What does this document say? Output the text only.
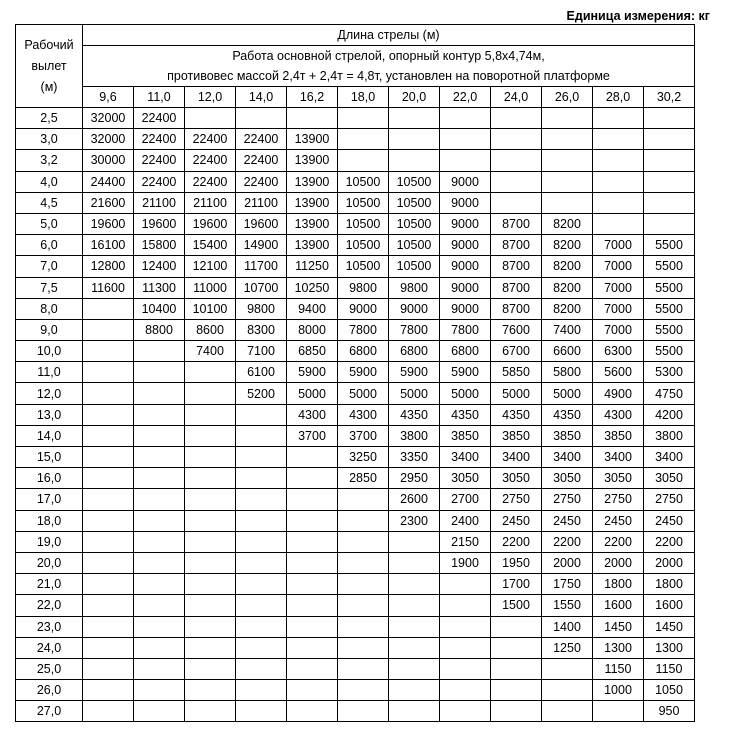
Единица измерения: кг
Рабочий
вылет
(м)	Длина стрелы (м)											

	Работа основной стрелой, опорный контур 5,8х4,74м,
противовес массой 2,4т + 2,4т = 4,8т, установлен на поворотной платформе											

	9,6	11,0	12,0	14,0	16,2	18,0	20,0	22,0	24,0	26,0	28,0	30,2
2,5	32000	22400										
3,0	32000	22400	22400	22400	13900							
3,2	30000	22400	22400	22400	13900							
4,0	24400	22400	22400	22400	13900	10500	10500	9000				
4,5	21600	21100	21100	21100	13900	10500	10500	9000				
5,0	19600	19600	19600	19600	13900	10500	10500	9000	8700	8200		
6,0	16100	15800	15400	14900	13900	10500	10500	9000	8700	8200	7000	5500
7,0	12800	12400	12100	11700	11250	10500	10500	9000	8700	8200	7000	5500
7,5	11600	11300	11000	10700	10250	9800	9800	9000	8700	8200	7000	5500
8,0		10400	10100	9800	9400	9000	9000	9000	8700	8200	7000	5500
9,0		8800	8600	8300	8000	7800	7800	7800	7600	7400	7000	5500
10,0			7400	7100	6850	6800	6800	6800	6700	6600	6300	5500
11,0				6100	5900	5900	5900	5900	5850	5800	5600	5300
12,0				5200	5000	5000	5000	5000	5000	5000	4900	4750
13,0					4300	4300	4350	4350	4350	4350	4300	4200
14,0					3700	3700	3800	3850	3850	3850	3850	3800
15,0						3250	3350	3400	3400	3400	3400	3400
16,0						2850	2950	3050	3050	3050	3050	3050
17,0							2600	2700	2750	2750	2750	2750
18,0							2300	2400	2450	2450	2450	2450
19,0								2150	2200	2200	2200	2200
20,0								1900	1950	2000	2000	2000
21,0									1700	1750	1800	1800
22,0									1500	1550	1600	1600
23,0										1400	1450	1450
24,0										1250	1300	1300
25,0											1150	1150
26,0											1000	1050
27,0												950
